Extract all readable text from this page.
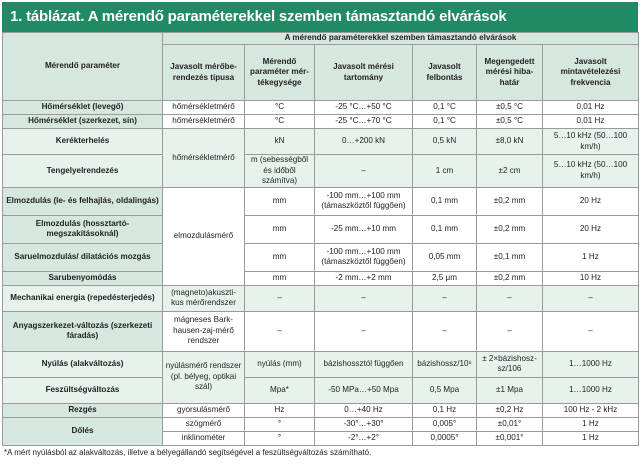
1. táblázat. A mérendő paraméterekkel szemben támasztandó elvárások
Mérendő paraméter	A mérendő paraméterekkel szemben támasztandó elvárások					
	Javasolt mérőbe-rendezés típusa	Mérendő paraméter mér-tékegysége	Javasolt mérési tartomány	Javasolt felbontás	Megengedett mérési hiba-határ	Javasolt mintavételezési frekvencia
Hőmérséklet (levegő)	hőmérsékletmérő	°C	-25 °C…+50 °C	0,1 °C	±0,5 °C	0,01 Hz
Hőmérséklet (szerkezet, sín)	hőmérsékletmérő	°C	-25 °C…+70 °C	0,1 °C	±0,5 °C	0,01 Hz
Kerékterhelés	hőmérsékletmérő	kN	0…+200 kN	0,5 kN	±8,0 kN	5…10 kHz (50…100 km/h)
Tengelyelrendezés		m (sebességből és időből számítva)	–	1 cm	±2 cm	5…10 kHz (50…100 km/h)
Elmozdulás (le- és felhajlás, oldalingás)	elmozdulásmérő	mm	-100 mm…+100 mm (támaszköztől függően)	0,1 mm	±0,2 mm	20 Hz
Elmozdulás (hossztartó-megszakításoknál)		mm	-25 mm…+10 mm	0,1 mm	±0,2 mm	20 Hz
Saruelmozdulás/ dilatációs mozgás		mm	-100 mm…+100 mm (támaszköztől függően)	0,05 mm	±0,1 mm	1 Hz
Sarubenyomódás		mm	-2 mm…+2 mm	2,5 μm	±0,2 mm	10 Hz
Mechanikai energia (repedésterjedés)	(magneto)akuszti-kus mérőrendszer	–	–	–	–	–
Anyagszerkezet-változás (szerkezeti fáradás)	mágneses Bark-hausen-zaj-mérő rendszer	–	–	–	–	–
Nyúlás (alakváltozás)	nyúlásmérő rendszer (pl. bélyeg, optikai szál)	nyúlás (mm)	bázishossztól függően	bázishossz/10⁶	± 2×bázishosz-sz/106	1…1000 Hz
Feszültségváltozás		Mpa*	-50 MPa…+50 Mpa	0,5 Mpa	±1 Mpa	1…1000 Hz
Rezgés	gyorsulásmérő	Hz	0…+40 Hz	0,1 Hz	±0,2 Hz	100 Hz - 2 kHz
Dőlés	szögmérő	°	-30°…+30°	0,005°	±0,01°	1 Hz
	inklinométer	°	-2°…+2°	0,0005°	±0,001°	1 Hz
*A mért nyúlásból az alakváltozás, illetve a bélyegállandó segítségével a feszültségváltozás számítható.
